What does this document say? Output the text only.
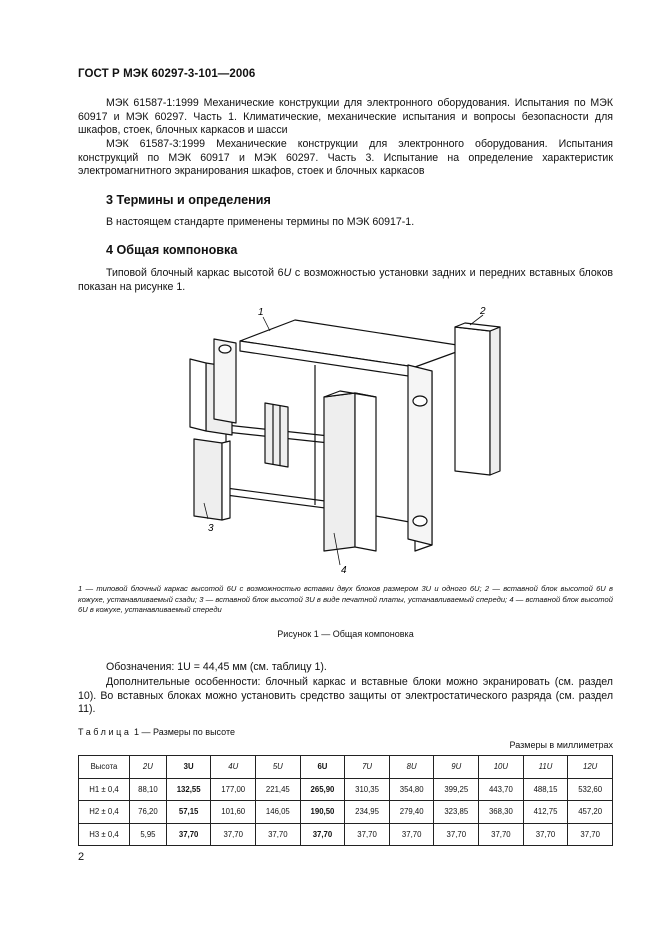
ГОСТ Р МЭК 60297-3-101—2006
МЭК 61587-1:1999 Механические конструкции для электронного оборудования. Испытания по МЭК 60917 и МЭК 60297. Часть 1. Климатические, механические испытания и вопросы безопасности для шкафов, стоек, блочных каркасов и шасси
МЭК 61587-3:1999 Механические конструкции для электронного оборудования. Испытания конструкций по МЭК 60917 и МЭК 60297. Часть 3. Испытание на определение характеристик электромагнитного экранирования шкафов, стоек и блочных каркасов
3 Термины и определения
В настоящем стандарте применены термины по МЭК 60917-1.
4 Общая компоновка
Типовой блочный каркас высотой 6U с возможностью установки задних и передних вставных блоков показан на рисунке 1.
1	2
3
4
1 — типовой блочный каркас высотой 6U с возможностью вставки двух блоков размером 3U и одного 6U; 2 — вставной блок высотой 6U в кожухе, устанавливаемый сзади; 3 — вставной блок высотой 3U в виде печатной платы, устанавливаемый спереди; 4 — вставной блок высотой 6U в кожухе, устанавливаемый спереди
Рисунок 1 — Общая компоновка
Обозначения: 1U = 44,45 мм (см. таблицу 1).
Дополнительные особенности: блочный каркас и вставные блоки можно экранировать (см. раздел 10). Во вставных блоках можно установить средство защиты от электростатического разряда (см. раздел 11).
Таблица 1 — Размеры по высоте
Размеры в миллиметрах
Высота	2U	3U	4U	5U	6U	7U	8U	9U	10U	11U	12U
H1 ± 0,4	88,10	132,55	177,00	221,45	265,90	310,35	354,80	399,25	443,70	488,15	532,60
H2 ± 0,4	76,20	57,15	101,60	146,05	190,50	234,95	279,40	323,85	368,30	412,75	457,20
H3 ± 0,4	5,95	37,70	37,70	37,70	37,70	37,70	37,70	37,70	37,70	37,70	37,70
2
